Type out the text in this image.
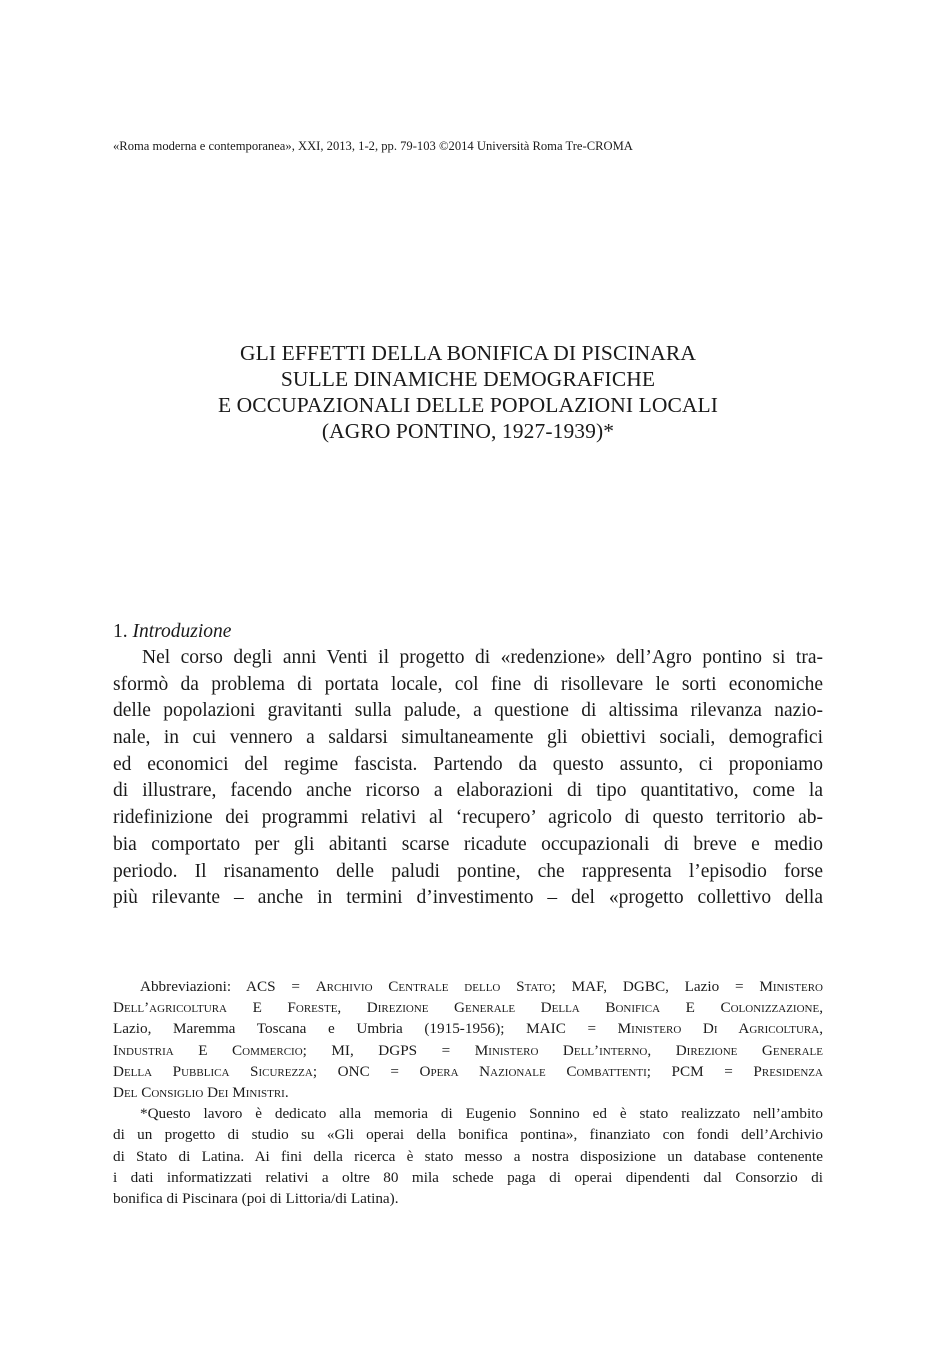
«Roma moderna e contemporanea», XXI, 2013, 1-2, pp. 79-103 ©2014 Università Roma Tre-CROMA
GLI EFFETTI DELLA BONIFICA DI PISCINARA
SULLE DINAMICHE DEMOGRAFICHE
E OCCUPAZIONALI DELLE POPOLAZIONI LOCALI
(AGRO PONTINO, 1927-1939)*
1. Introduzione
Nel corso degli anni Venti il progetto di «redenzione» dell’Agro pontino si tra-
sformò da problema di portata locale, col fine di risollevare le sorti economiche
delle popolazioni gravitanti sulla palude, a questione di altissima rilevanza nazio-
nale, in cui vennero a saldarsi simultaneamente gli obiettivi sociali, demografici
ed economici del regime fascista. Partendo da questo assunto, ci proponiamo
di illustrare, facendo anche ricorso a elaborazioni di tipo quantitativo, come la
ridefinizione dei programmi relativi al ‘recupero’ agricolo di questo territorio ab-
bia comportato per gli abitanti scarse ricadute occupazionali di breve e medio
periodo. Il risanamento delle paludi pontine, che rappresenta l’episodio forse
più rilevante – anche in termini d’investimento – del «progetto collettivo della
Abbreviazioni: ACS = Archivio Centrale dello Stato; MAF, DGBC, Lazio = Ministero
Dell’agricoltura E Foreste, Direzione Generale Della Bonifica E Colonizzazione,
Lazio, Maremma Toscana e Umbria (1915-1956); MAIC = Ministero Di Agricoltura,
Industria E Commercio; MI, DGPS = Ministero Dell’interno, Direzione Generale
Della Pubblica Sicurezza; ONC = Opera Nazionale Combattenti; PCM = Presidenza
Del Consiglio Dei Ministri.
*Questo lavoro è dedicato alla memoria di Eugenio Sonnino ed è stato realizzato nell’ambito
di un progetto di studio su «Gli operai della bonifica pontina», finanziato con fondi dell’Archivio
di Stato di Latina. Ai fini della ricerca è stato messo a nostra disposizione un database contenente
i dati informatizzati relativi a oltre 80 mila schede paga di operai dipendenti dal Consorzio di
bonifica di Piscinara (poi di Littoria/di Latina).
